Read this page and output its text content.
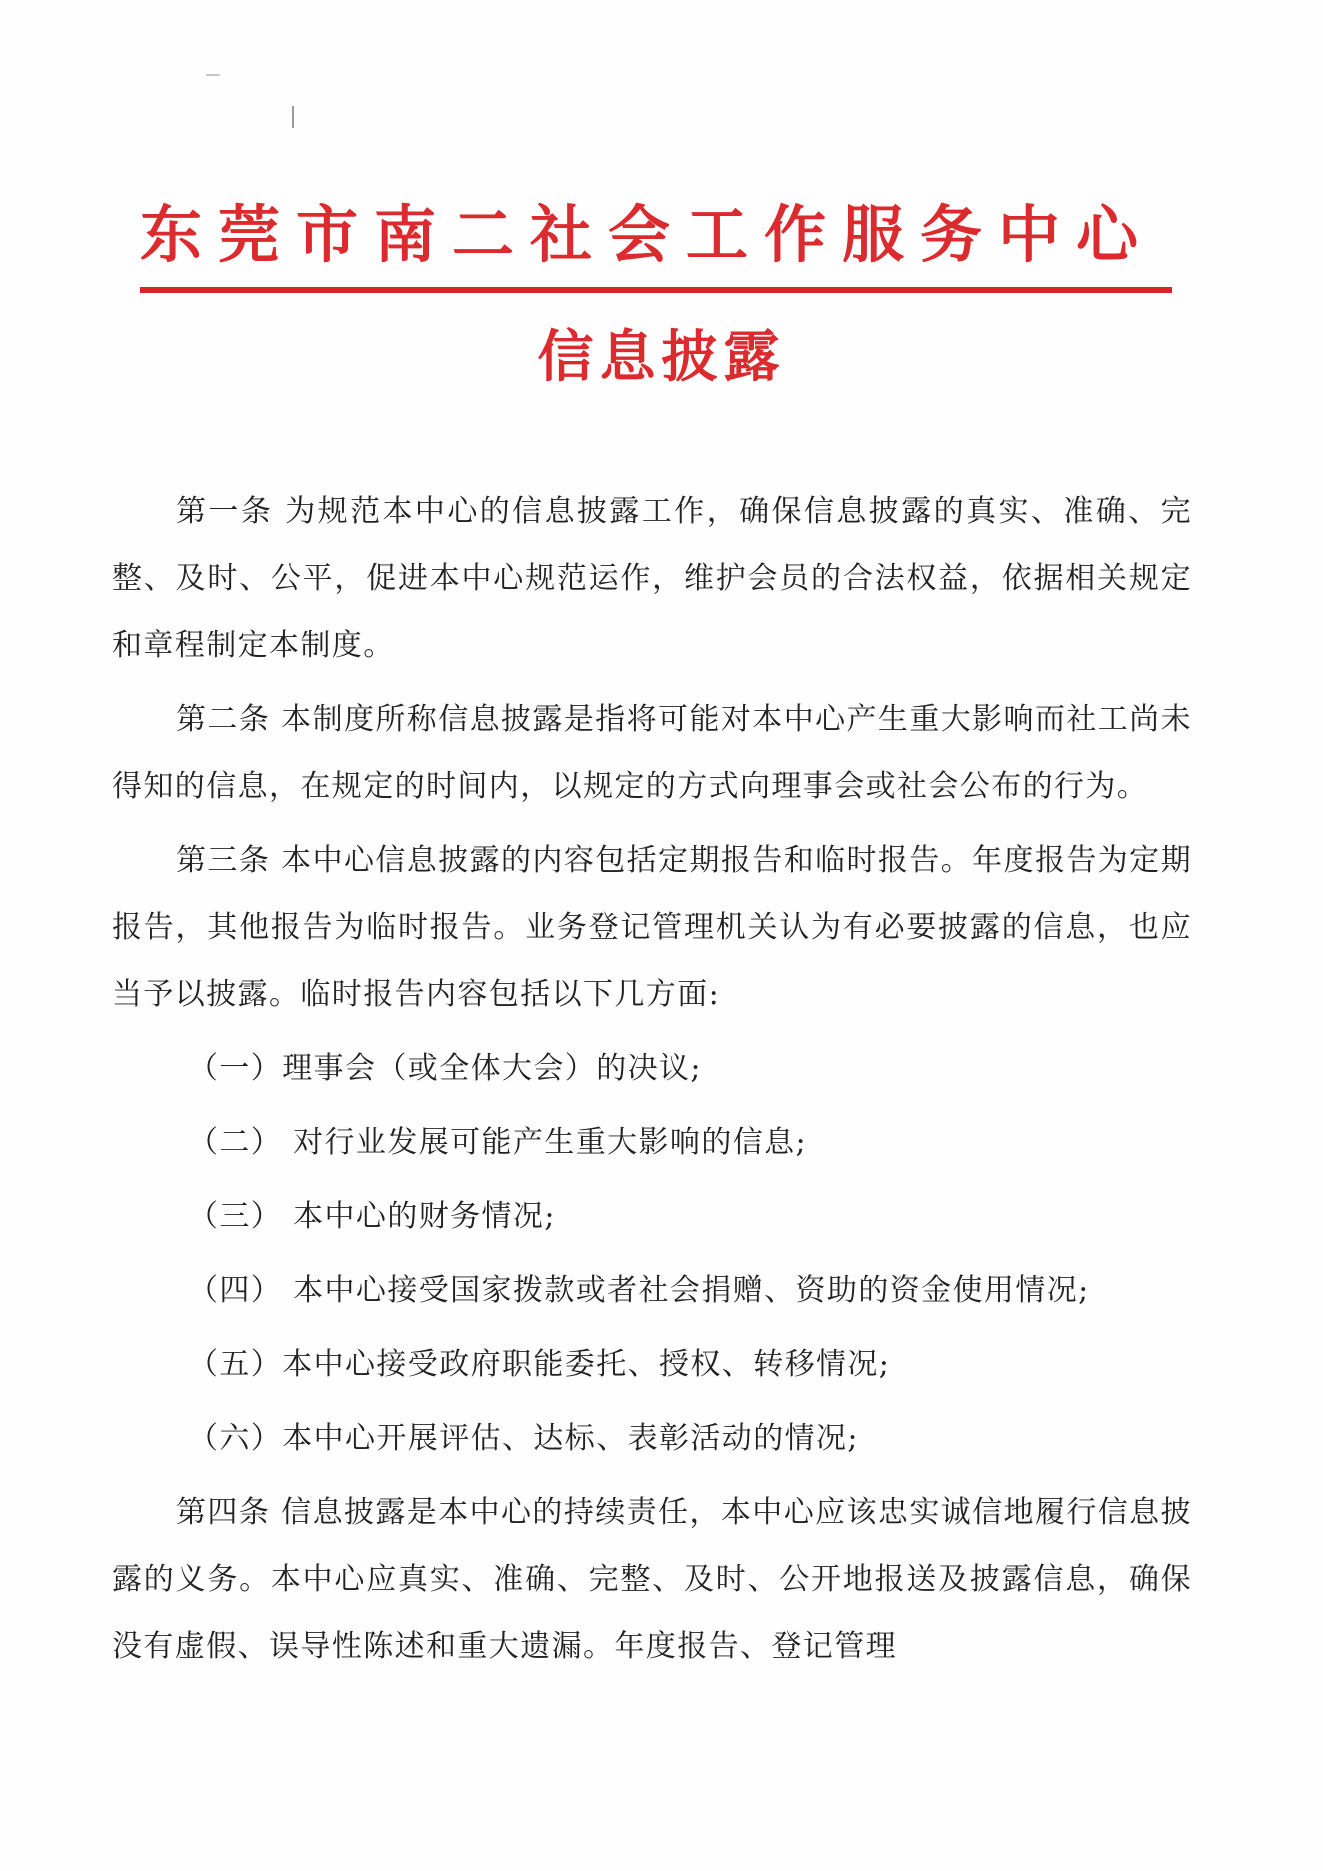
东莞市南二社会工作服务中心
信息披露

第一条 为规范本中心的信息披露工作，确保信息披露的真实、准确、完整、及时、公平，促进本中心规范运作，维护会员的合法权益，依据相关规定和章程制定本制度。

第二条 本制度所称信息披露是指将可能对本中心产生重大影响而社工尚未得知的信息，在规定的时间内，以规定的方式向理事会或社会公布的行为。

第三条 本中心信息披露的内容包括定期报告和临时报告。年度报告为定期报告，其他报告为临时报告。业务登记管理机关认为有必要披露的信息，也应当予以披露。临时报告内容包括以下几方面:

（一）理事会（或全体大会）的决议;

（二） 对行业发展可能产生重大影响的信息;

（三） 本中心的财务情况;

（四） 本中心接受国家拨款或者社会捐赠、资助的资金使用情况;

（五）本中心接受政府职能委托、授权、转移情况;

（六）本中心开展评估、达标、表彰活动的情况;

第四条 信息披露是本中心的持续责任，本中心应该忠实诚信地履行信息披露的义务。本中心应真实、准确、完整、及时、公开地报送及披露信息，确保没有虚假、误导性陈述和重大遗漏。年度报告、登记管理
